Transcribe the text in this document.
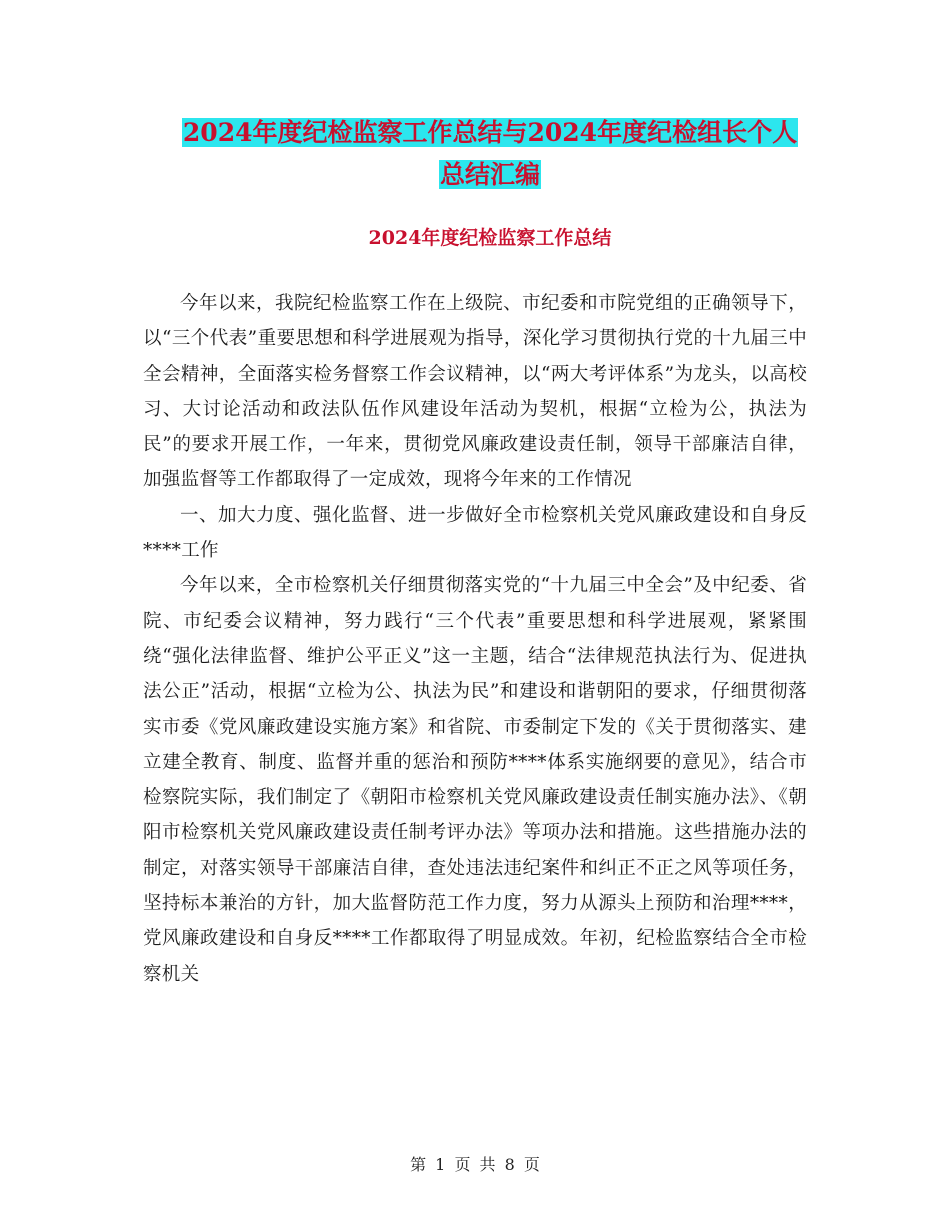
2024年度纪检监察工作总结与2024年度纪检组长个人
总结汇编
2024年度纪检监察工作总结

今年以来，我院纪检监察工作在上级院、市纪委和市院党组的正确领导下，以“三个代表”重要思想和科学进展观为指导，深化学习贯彻执行党的十九届三中全会精神，全面落实检务督察工作会议精神，以“两大考评体系”为龙头，以高校习、大讨论活动和政法队伍作风建设年活动为契机，根据“立检为公，执法为民”的要求开展工作，一年来，贯彻党风廉政建设责任制，领导干部廉洁自律，加强监督等工作都取得了一定成效，现将今年来的工作情况

一、加大力度、强化监督、进一步做好全市检察机关党风廉政建设和自身反****工作

今年以来，全市检察机关仔细贯彻落实党的“十九届三中全会”及中纪委、省院、市纪委会议精神，努力践行“三个代表”重要思想和科学进展观，紧紧围绕“强化法律监督、维护公平正义”这一主题，结合“法律规范执法行为、促进执法公正”活动，根据“立检为公、执法为民”和建设和谐朝阳的要求，仔细贯彻落实市委《党风廉政建设实施方案》和省院、市委制定下发的《关于贯彻落实、建立建全教育、制度、监督并重的惩治和预防****体系实施纲要的意见》，结合市检察院实际，我们制定了《朝阳市检察机关党风廉政建设责任制实施办法》、《朝阳市检察机关党风廉政建设责任制考评办法》等项办法和措施。这些措施办法的制定，对落实领导干部廉洁自律，查处违法违纪案件和纠正不正之风等项任务，坚持标本兼治的方针，加大监督防范工作力度，努力从源头上预防和治理****，党风廉政建设和自身反****工作都取得了明显成效。年初，纪检监察结合全市检察机关

第 1 页 共 8 页
